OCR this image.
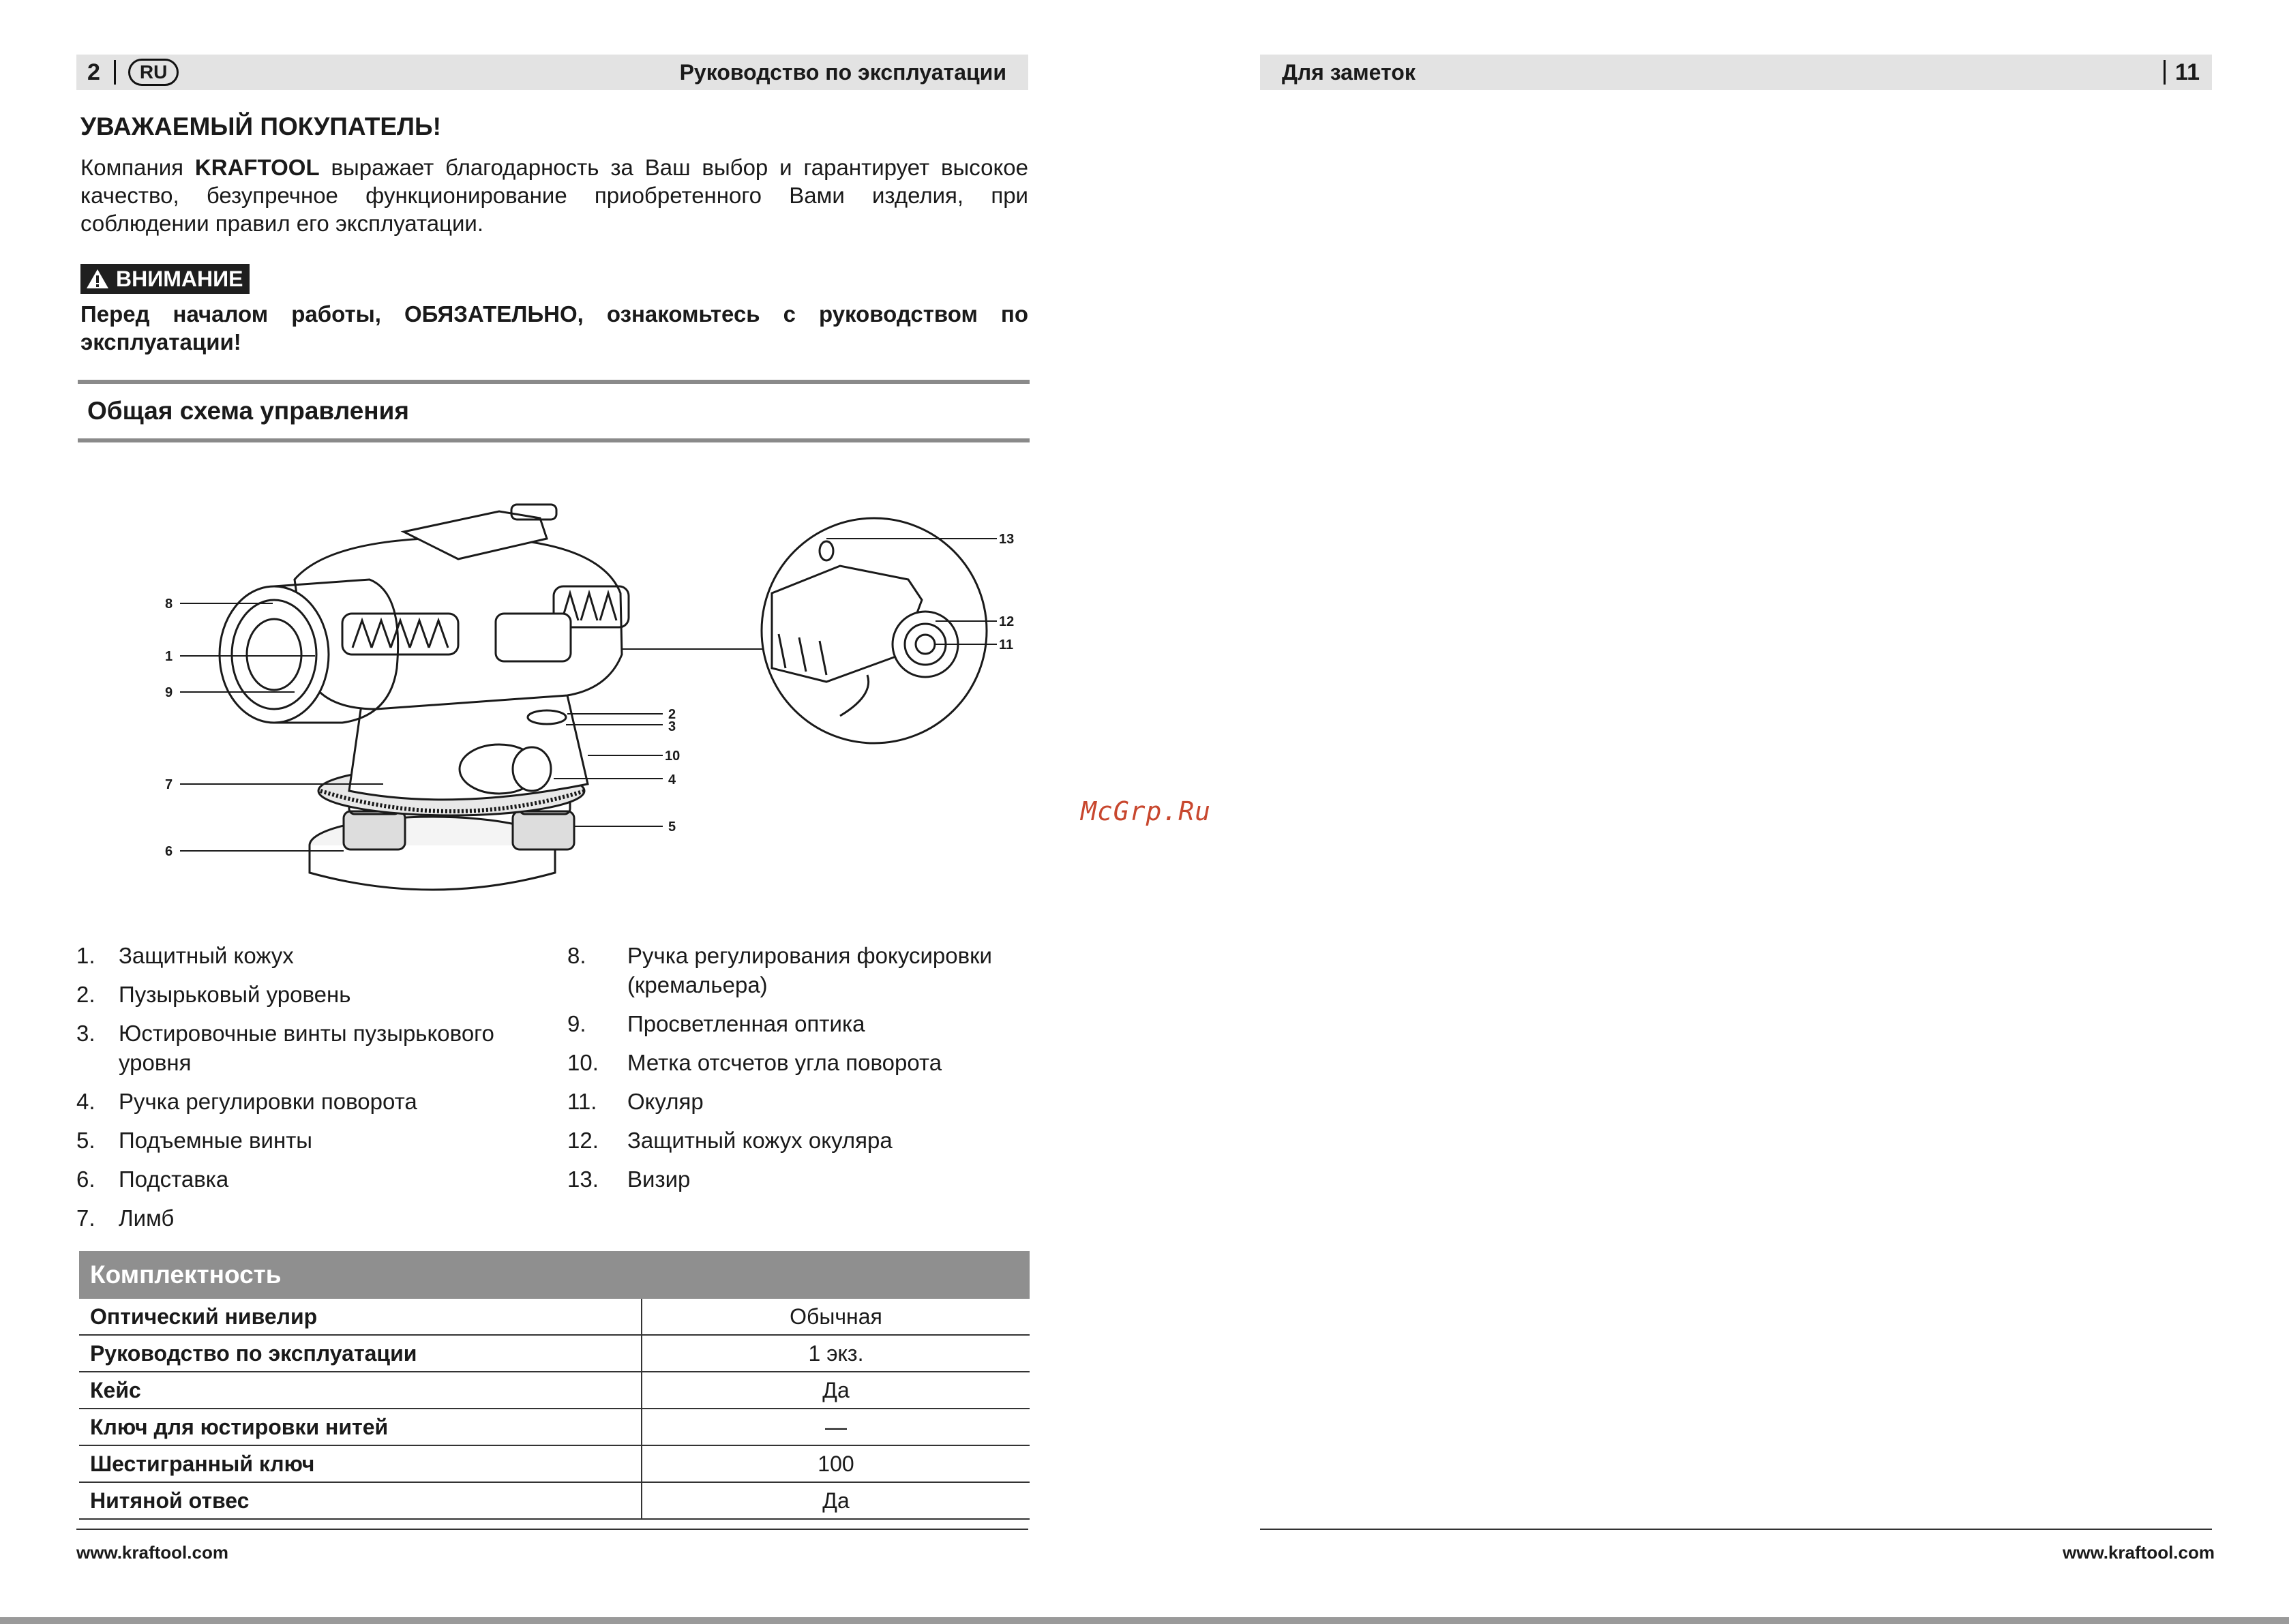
2	RU	Руководство по эксплуатации
УВАЖАЕМЫЙ ПОКУПАТЕЛЬ!
Компания KRAFTOOL выражает благодарность за Ваш выбор и гарантирует высокое качество, безупречное функционирование приобретенного Вами изделия, при соблюдении правил его эксплуатации.
ВНИМАНИЕ
Перед началом работы, ОБЯЗАТЕЛЬНО, ознакомьтесь с руководством по эксплуатации!
Общая схема управления
8
1
9
7
6
2
3
10
4
5
13
12
11
1.	Защитный кожух
2.	Пузырьковый уровень
3.	Юстировочные винты пузырькового уровня
4.	Ручка регулировки поворота
5.	Подъемные винты
6.	Подставка
7.	Лимб
8.	Ручка регулирования фокусировки (кремальера)
9.	Просветленная оптика
10.	Метка отсчетов угла поворота
11.	Окуляр
12.	Защитный кожух окуляра
13.	Визир
Комплектность
Оптический нивелир	Обычная
Руководство по эксплуатации	1 экз.
Кейс	Да
Ключ для юстировки нитей	—
Шестигранный ключ	100
Нитяной отвес	Да
www.kraftool.com
Для заметок	11
www.kraftool.com
McGrp.Ru
